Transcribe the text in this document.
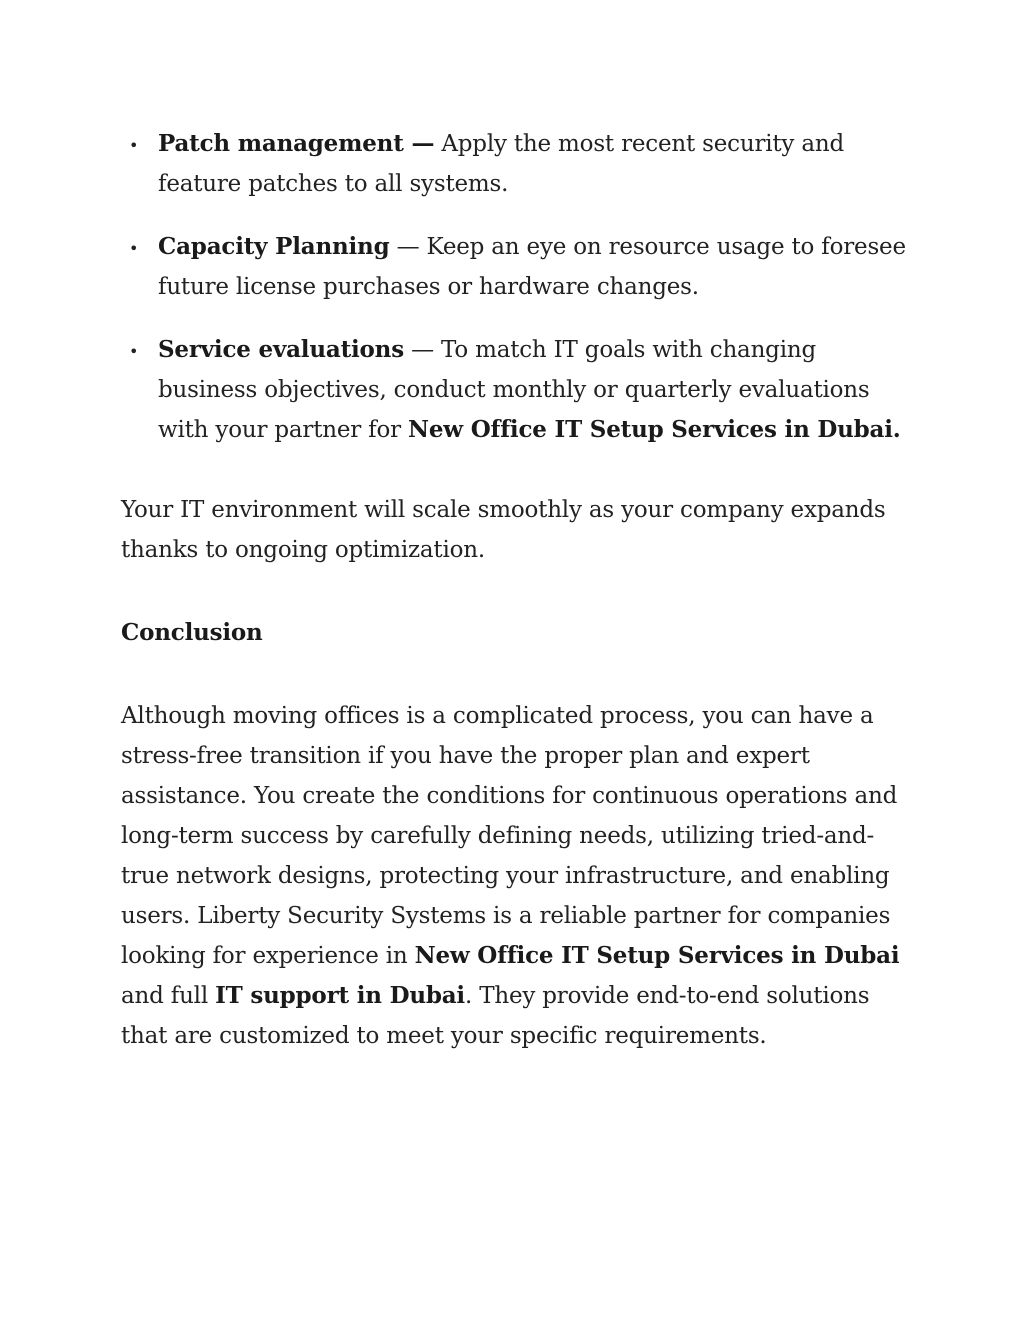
• Patch management — Apply the most recent security and feature patches to all systems.
• Capacity Planning — Keep an eye on resource usage to foresee future license purchases or hardware changes.
• Service evaluations — To match IT goals with changing business objectives, conduct monthly or quarterly evaluations with your partner for New Office IT Setup Services in Dubai.

Your IT environment will scale smoothly as your company expands thanks to ongoing optimization.

Conclusion

Although moving offices is a complicated process, you can have a stress-free transition if you have the proper plan and expert assistance. You create the conditions for continuous operations and long-term success by carefully defining needs, utilizing tried-and-true network designs, protecting your infrastructure, and enabling users. Liberty Security Systems is a reliable partner for companies looking for experience in New Office IT Setup Services in Dubai and full IT support in Dubai. They provide end-to-end solutions that are customized to meet your specific requirements.
